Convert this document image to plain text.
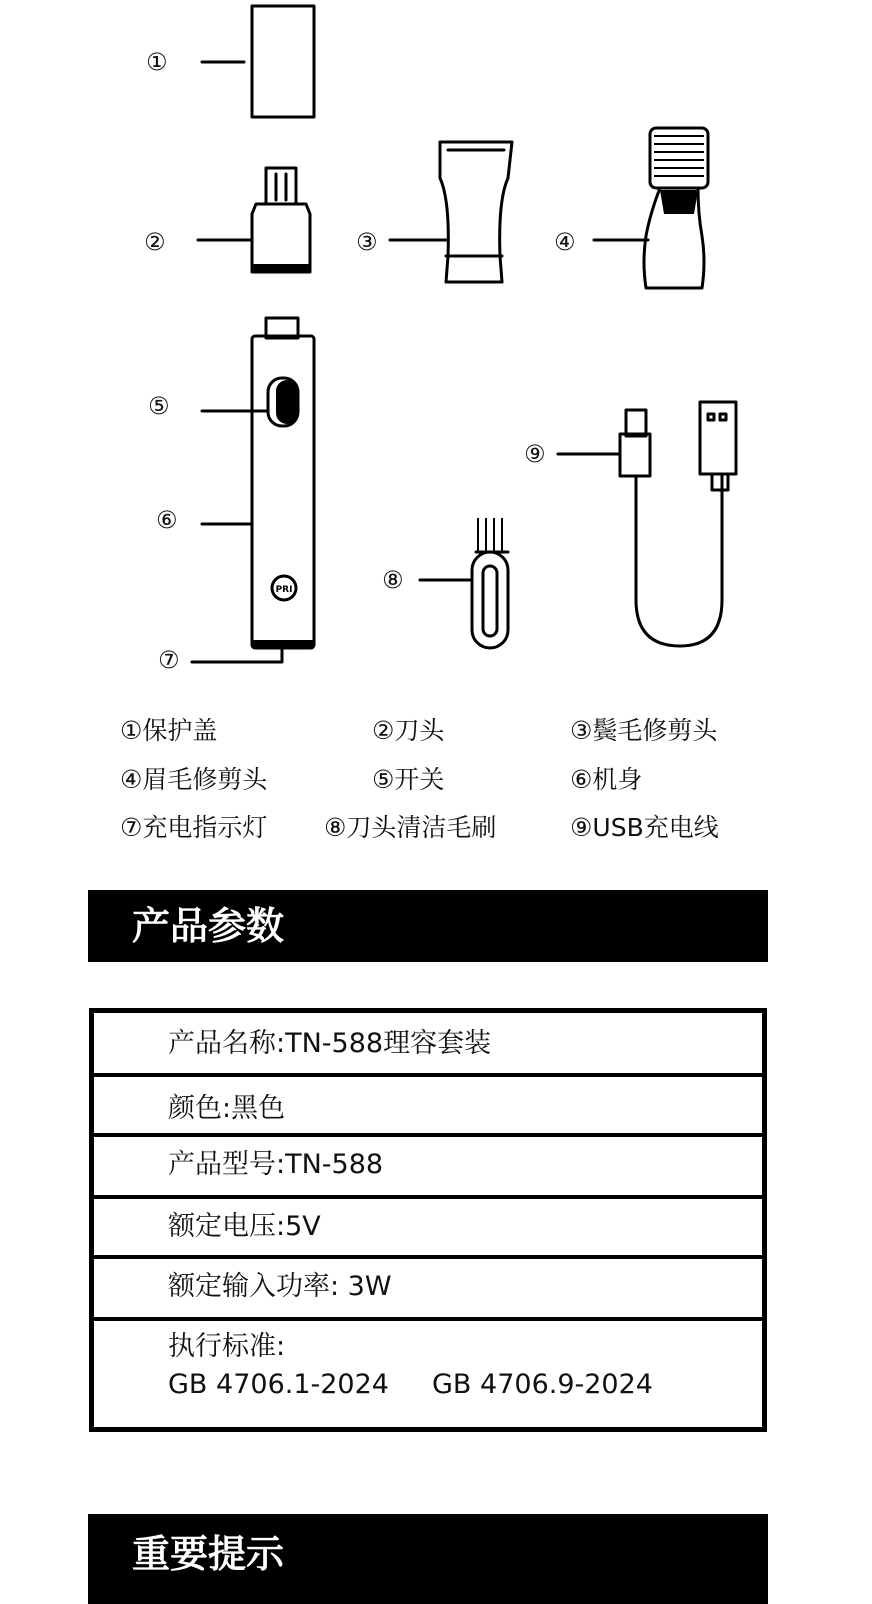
PRI
①
②	③	④
⑤
⑥
⑦
⑧
⑨
①保护盖	②刀头	③鬓毛修剪头
④眉毛修剪头	⑤开关	⑥机身
⑦充电指示灯 ⑧刀头清洁毛刷	⑨USB充电线
产品参数
产品名称:TN-588理容套装
颜色:黑色
产品型号:TN-588
额定电压:5V
额定输入功率: 3W
执行标准:
GB 4706.1-2024 GB 4706.9-2024
重要提示
